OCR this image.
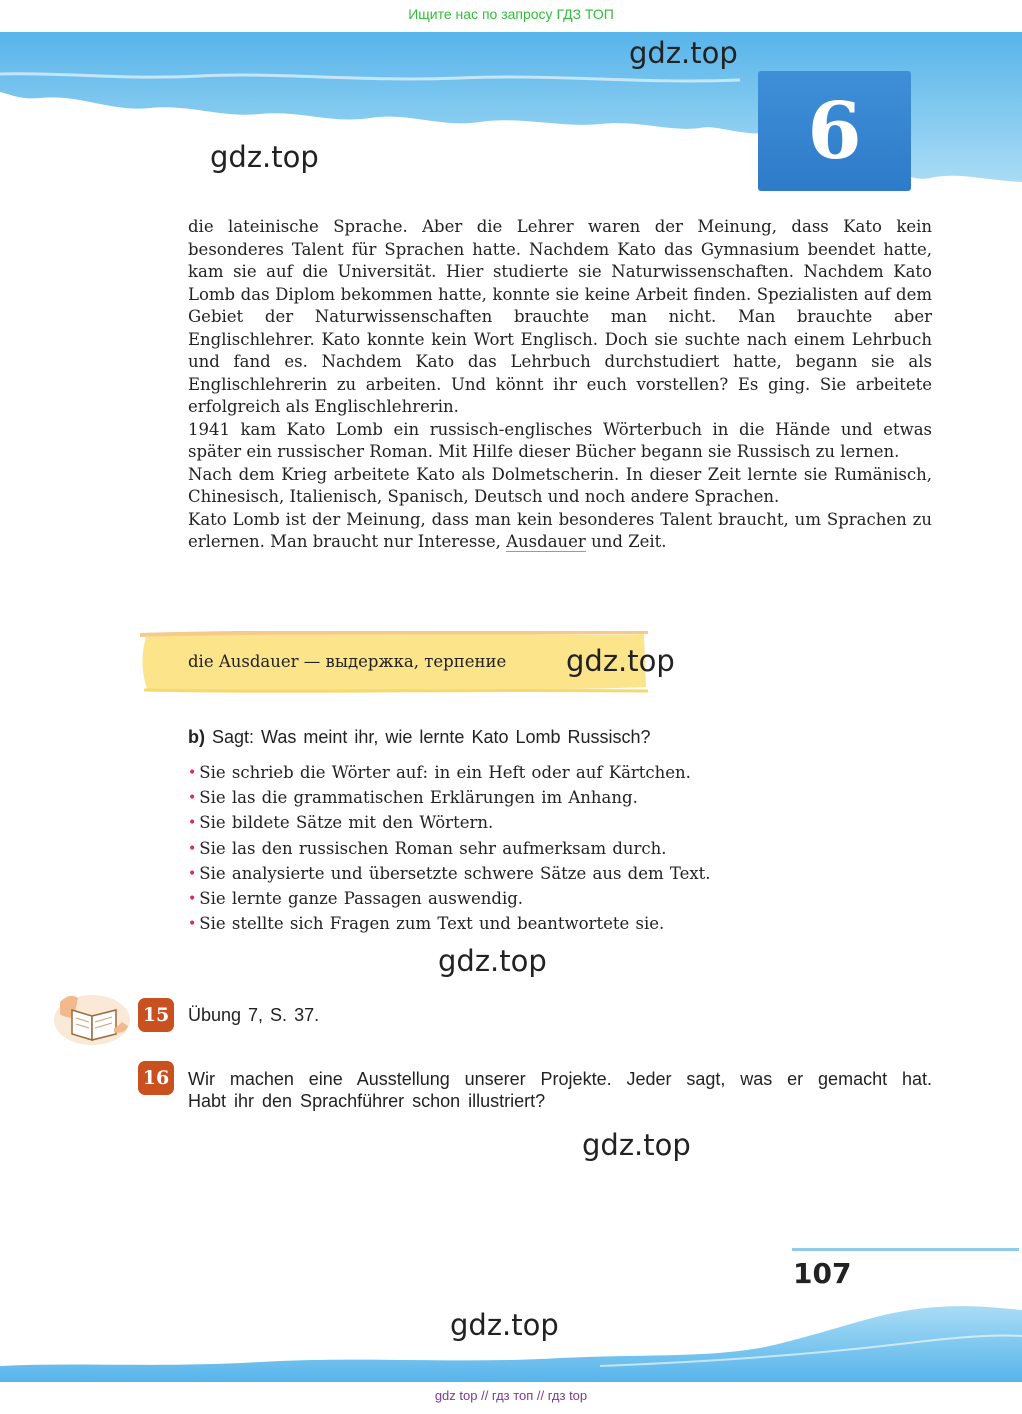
Ищите нас по запросу ГДЗ ТОП
6
gdz.top
gdz.top

die lateinische Sprache. Aber die Lehrer waren der Meinung, dass Kato kein besonderes Talent für Sprachen hatte. Nachdem Kato das Gymnasium beendet hatte, kam sie auf die Universität. Hier studierte sie Naturwissenschaften. Nachdem Kato Lomb das Diplom bekommen hatte, konnte sie keine Arbeit finden. Spezialisten auf dem Gebiet der Naturwissenschaften brauchte man nicht. Man brauchte aber Englischlehrer. Kato konnte kein Wort Englisch. Doch sie suchte nach einem Lehrbuch und fand es. Nachdem Kato das Lehrbuch durchstudiert hatte, begann sie als Englischlehrerin zu arbeiten. Und könnt ihr euch vorstellen? Es ging. Sie arbeitete erfolgreich als Englischlehrerin.

1941 kam Kato Lomb ein russisch-englisches Wörterbuch in die Hände und etwas später ein russischer Roman. Mit Hilfe dieser Bücher begann sie Russisch zu lernen.

Nach dem Krieg arbeitete Kato als Dolmetscherin. In dieser Zeit lernte sie Rumänisch, Chinesisch, Italienisch, Spanisch, Deutsch und noch andere Sprachen.

Kato Lomb ist der Meinung, dass man kein besonderes Talent braucht, um Sprachen zu erlernen. Man braucht nur Interesse, Ausdauer und Zeit.

die Ausdauer — выдержка, терпение gdz.top
b) Sagt: Was meint ihr, wie lernte Kato Lomb Russisch?
• Sie schrieb die Wörter auf: in ein Heft oder auf Kärtchen.
• Sie las die grammatischen Erklärungen im Anhang.
• Sie bildete Sätze mit den Wörtern.
• Sie las den russischen Roman sehr aufmerksam durch.
• Sie analysierte und übersetzte schwere Sätze aus dem Text.
• Sie lernte ganze Passagen auswendig.
• Sie stellte sich Fragen zum Text und beantwortete sie.
gdz.top
15 Übung 7, S. 37.
16 Wir machen eine Ausstellung unserer Projekte. Jeder sagt, was er gemacht hat.

Habt ihr den Sprachführer schon illustriert?

gdz.top
107
gdz.top
gdz top // гдз топ // гдз top
